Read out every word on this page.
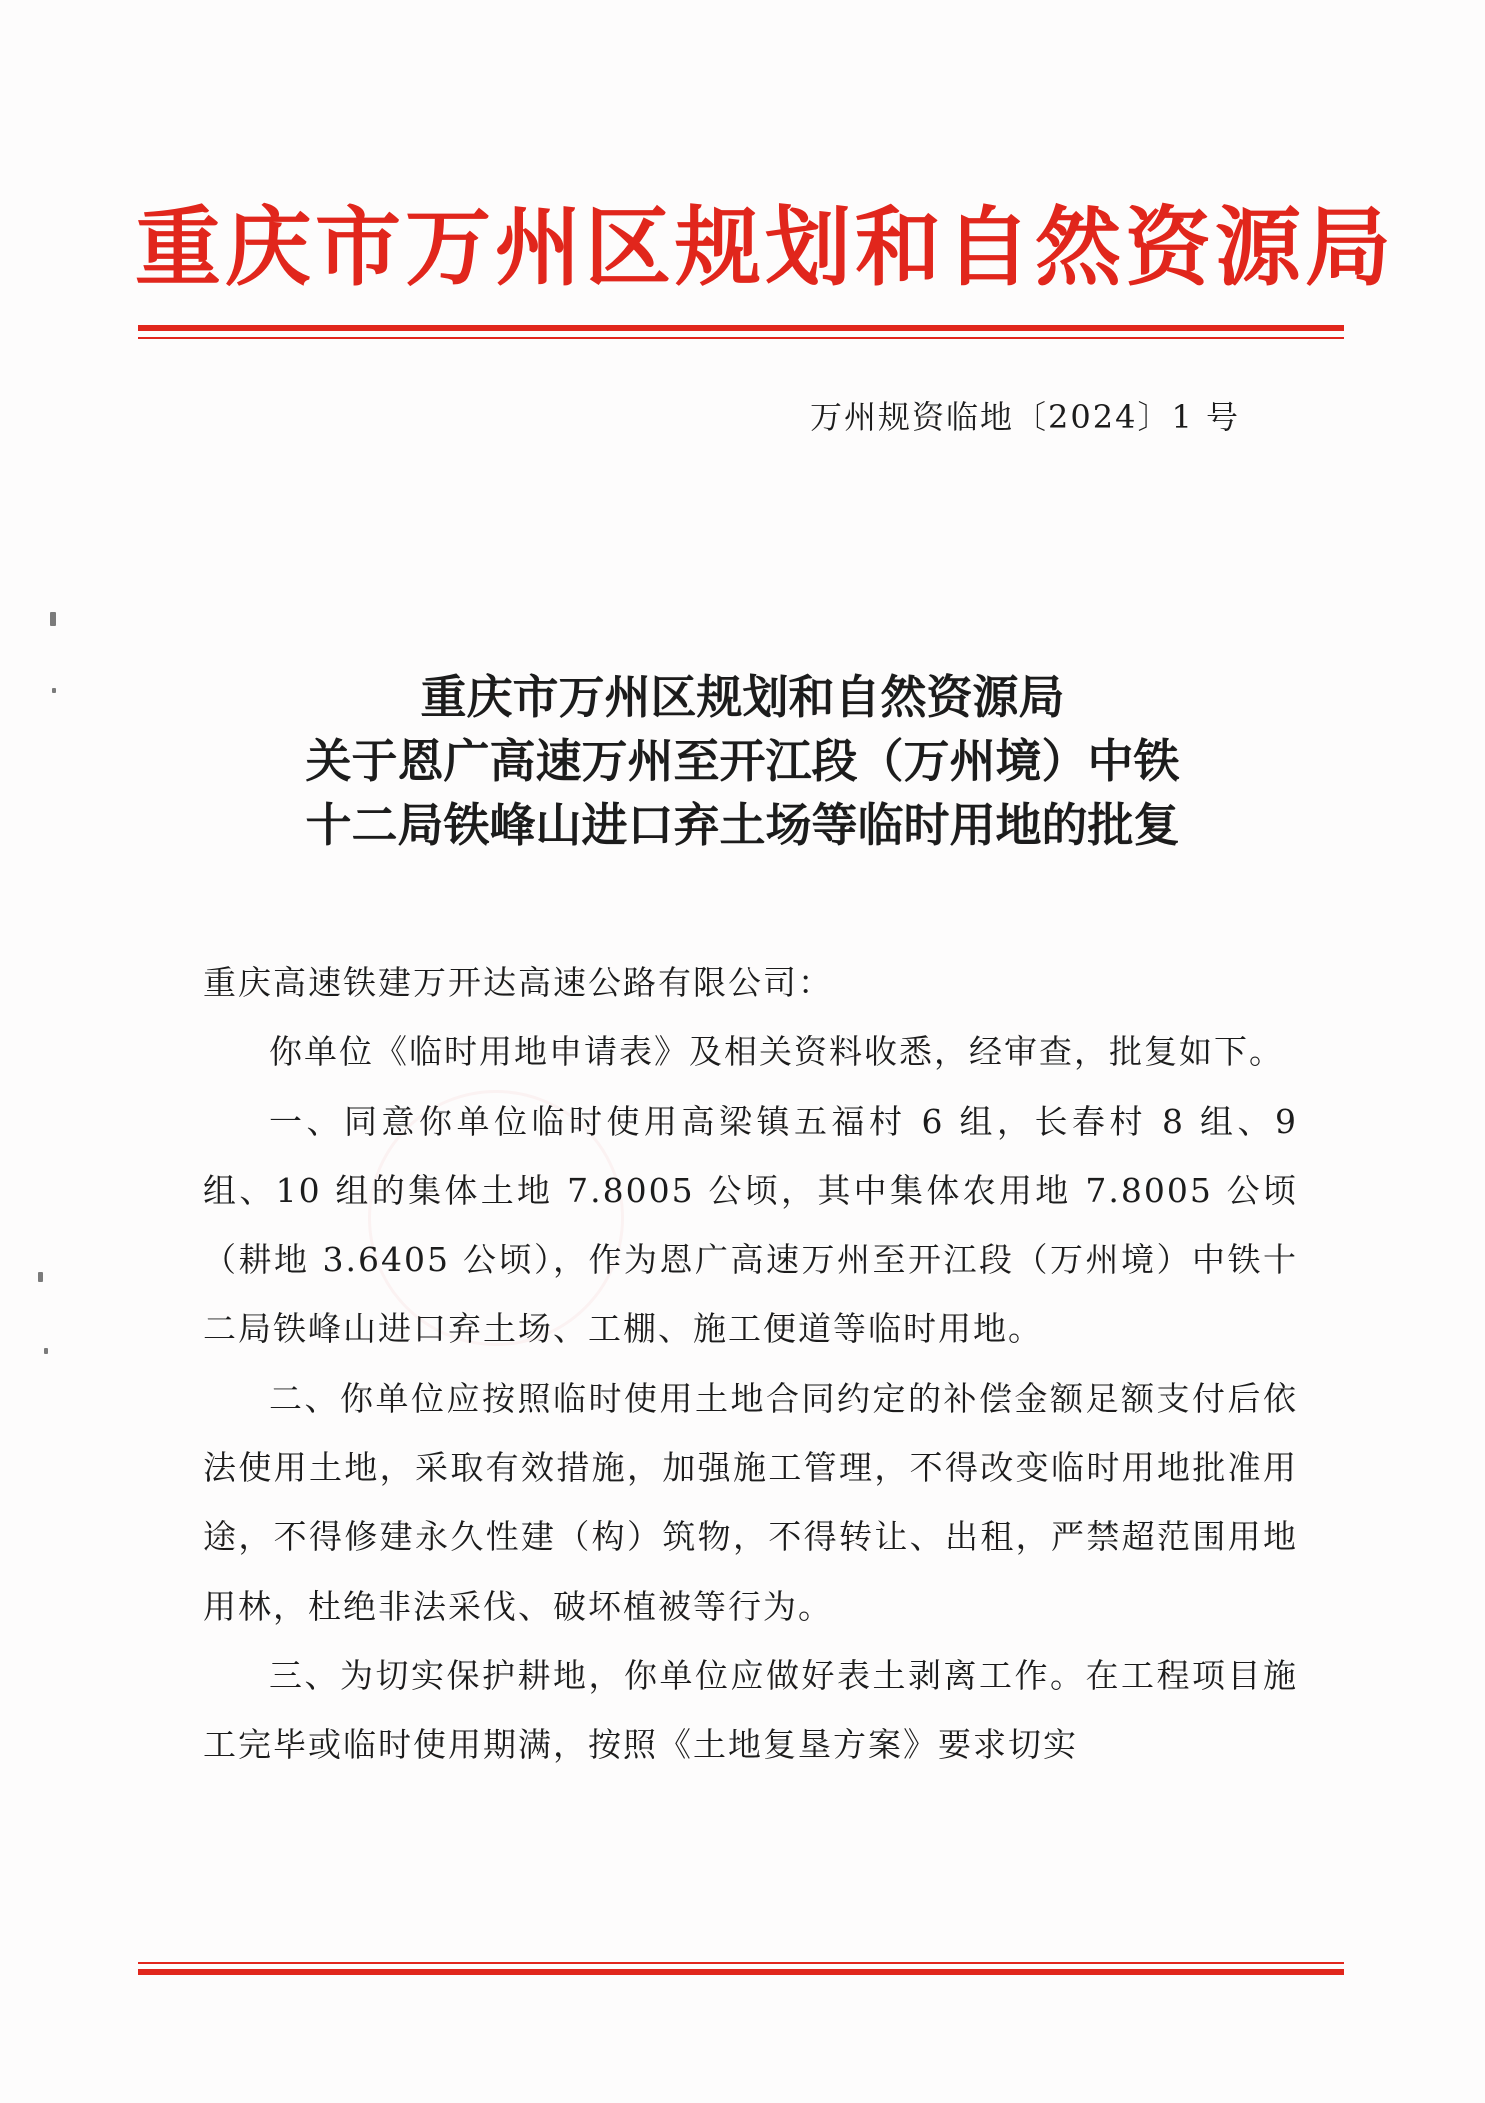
重庆市万州区规划和自然资源局
万州规资临地〔2024〕1 号
重庆市万州区规划和自然资源局
关于恩广高速万州至开江段（万州境）中铁
十二局铁峰山进口弃土场等临时用地的批复

重庆高速铁建万开达高速公路有限公司：

你单位《临时用地申请表》及相关资料收悉，经审查，批复如下。

一、同意你单位临时使用高梁镇五福村 6 组，长春村 8 组、9 组、10 组的集体土地 7.8005 公顷，其中集体农用地 7.8005 公顷（耕地 3.6405 公顷），作为恩广高速万州至开江段（万州境）中铁十二局铁峰山进口弃土场、工棚、施工便道等临时用地。

二、你单位应按照临时使用土地合同约定的补偿金额足额支付后依法使用土地，采取有效措施，加强施工管理，不得改变临时用地批准用途，不得修建永久性建（构）筑物，不得转让、出租，严禁超范围用地用林，杜绝非法采伐、破坏植被等行为。

三、为切实保护耕地，你单位应做好表土剥离工作。在工程项目施工完毕或临时使用期满，按照《土地复垦方案》要求切实
